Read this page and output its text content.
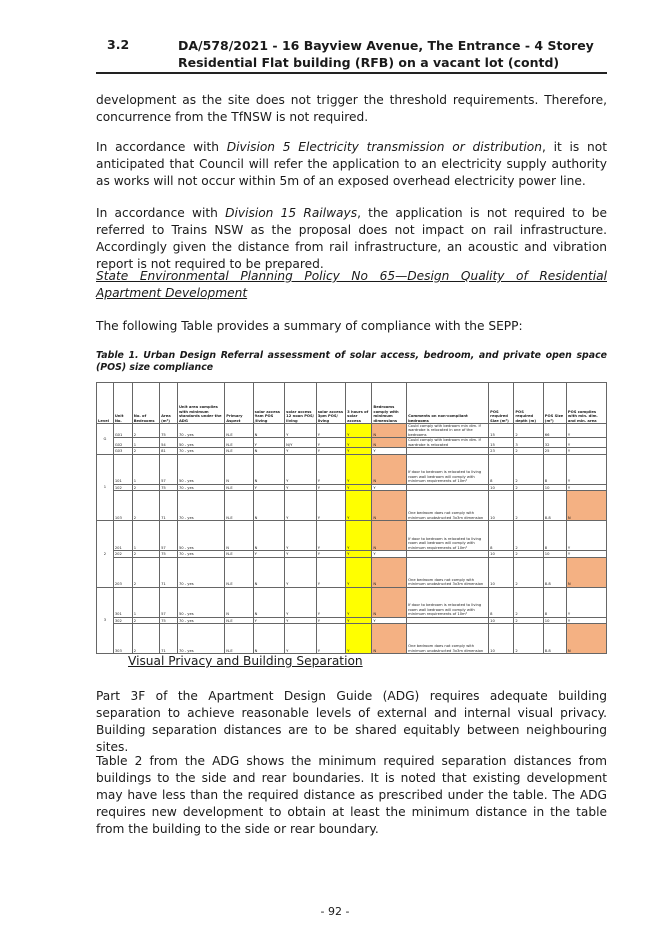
3.2	DA/578/2021 - 16 Bayview Avenue, The Entrance - 4 Storey Residential Flat building (RFB) on a vacant lot (contd)
development as the site does not trigger the threshold requirements. Therefore, concurrence from the TfNSW is not required.
In accordance with Division 5 Electricity transmission or distribution, it is not anticipated that Council will refer the application to an electricity supply authority as works will not occur within 5m of an exposed overhead electricity power line.
In accordance with Division 15 Railways, the application is not required to be referred to Trains NSW as the proposal does not impact on rail infrastructure. Accordingly given the distance from rail infrastructure, an acoustic and vibration report is not required to be prepared.
State Environmental Planning Policy No 65—Design Quality of Residential Apartment Development
The following Table provides a summary of compliance with the SEPP:
Table 1. Urban Design Referral assessment of solar access, bedroom, and private open space (POS) size compliance
Level	Unit No.	No. of Bedrooms	Area (m²)	Unit area complies with minimum standards under the ADG	Primary Aspect	solar access 9am POS /living	solar access 12 noon POS/ living	solar access 3pm POS/ living	3 hours of solar access	Bedrooms comply with minimum dimensions	Comments on non-compliant bedrooms	POS required Size (m²)	POS required depth (m)	POS Size (m²)	POS complies with min. dim. and min. area
G	G01	2	75	70 - yes	N-E	N	Y	Y	Y	N	Could comply with bedroom min dim. if wardrobe is relocated in one of the bedrooms	15	2	66	Y
	G02	1	54	50 - yes	N-E	Y	N/Y	Y	Y	N	Could comply with bedroom min dim. if wardrobe is relocated	15	3	32	Y
	G03	2	81	70 - yes	N-E	N	Y	Y	Y	Y		23	2	25	Y
1	101	1	57	50 - yes	N	N	Y	Y	Y	N	If door to bedroom is relocated to living room wall bedroom will comply with minimum requirements of 10m²	8	2	8	Y
	102	2	75	70 - yes	N-E	Y	Y	Y	Y	Y		10	2	10	Y
	103	2	71	70 - yes	N-E	N	Y	Y	Y	N	One bedroom does not comply with minimum unobstructed 3x3m dimension	10	2	8.8	N
2	201	1	57	50 - yes	N	N	Y	Y	Y	N	If door to bedroom is relocated to living room wall bedroom will comply with minimum requirements of 10m²	8	2	8	Y
	202	2	75	70 - yes	N-E	Y	Y	Y	Y	Y		10	2	10	Y
	203	2	71	70 - yes	N-E	N	Y	Y	Y	N	One bedroom does not comply with minimum unobstructed 3x3m dimension	10	2	8.8	N
3	301	1	57	50 - yes	N	N	Y	Y	Y	N	If door to bedroom is relocated to living room wall bedroom will comply with minimum requirements of 10m²	8	2	8	Y
	302	2	75	70 - yes	N-E	Y	Y	Y	Y	Y		10	2	10	Y
	303	2	71	70 - yes	N-E	N	Y	Y	Y	N	One bedroom does not comply with minimum unobstructed 3x3m dimension	10	2	8.8	N
Visual Privacy and Building Separation
Part 3F of the Apartment Design Guide (ADG) requires adequate building separation to achieve reasonable levels of external and internal visual privacy. Building separation distances are to be shared equitably between neighbouring sites.
Table 2 from the ADG shows the minimum required separation distances from buildings to the side and rear boundaries. It is noted that existing development may have less than the required distance as prescribed under the table. The ADG requires new development to obtain at least the minimum distance in the table from the building to the side or rear boundary.
- 92 -
